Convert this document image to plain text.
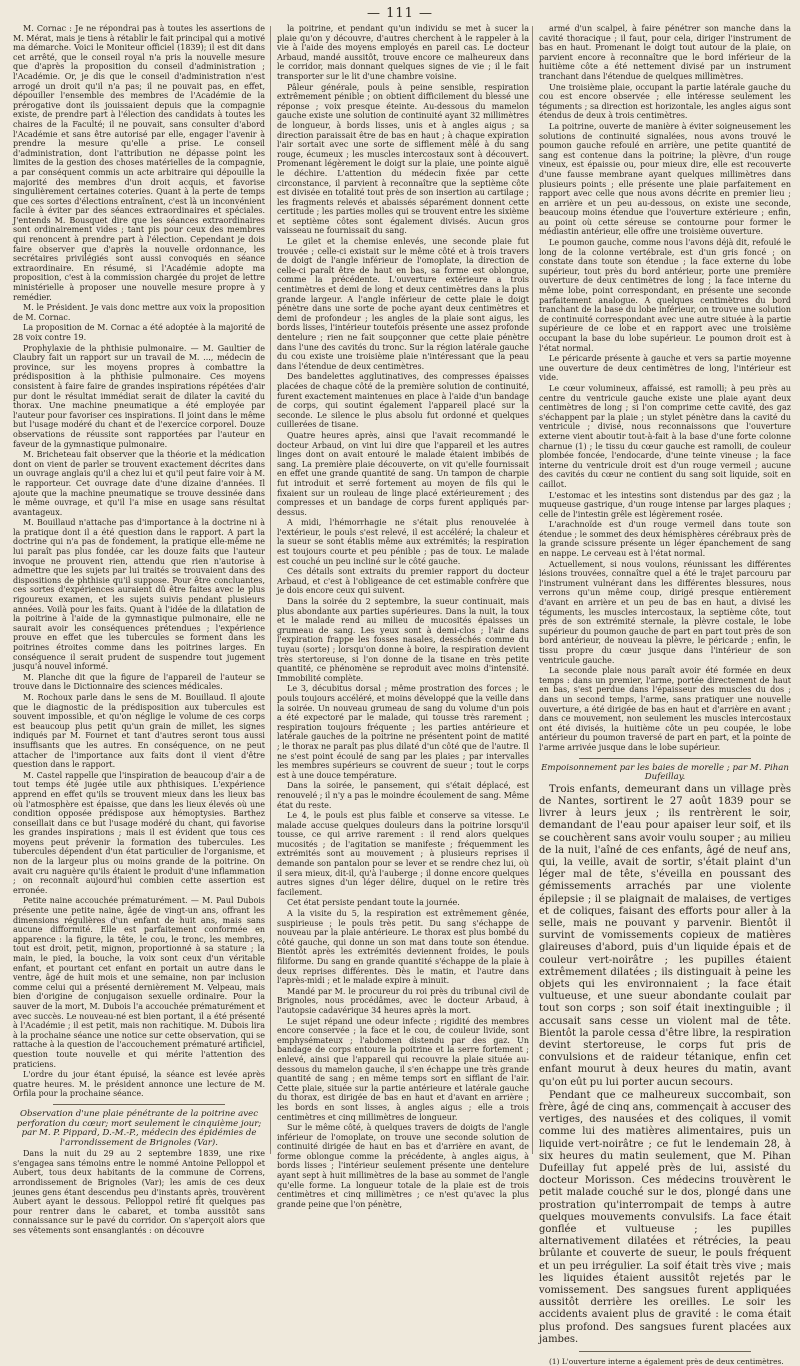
— 111 —

M. Cornac : Je ne répondrai pas à toutes les assertions de M. Mérat, mais je tiens à rétablir le fait principal qui a motivé ma démarche. Voici le Moniteur officiel (1839); il est dit dans cet arrêté, que le conseil royal n'a pris la nouvelle mesure que d'après la proposition du conseil d'administration ; l'Académie. Or, je dis que le conseil d'administration n'est arrogé un droit qu'il n'a pas; il ne pouvait pas, en effet, dépouiller l'ensemble des membres de l'Académie de la prérogative dont ils jouissaient depuis que la compagnie existe, de prendre part à l'élection des candidats à toutes les chaires de la Faculté; il ne pouvait, sans consulter d'abord l'Académie et sans être autorisé par elle, engager l'avenir à prendre la mesure qu'elle a prise. Le conseil d'administration, dont l'attribution ne dépasse point les limites de la gestion des choses matérielles de la compagnie, a par conséquent commis un acte arbitraire qui dépouille la majorité des membres d'un droit acquis, et favorise singulièrement certaines coteries. Quant à la perte de temps que ces sortes d'élections entraînent, c'est là un inconvénient facile à éviter par des séances extraordinaires et spéciales. J'entends M. Bousquet dire que les séances extraordinaires sont ordinairement vides ; tant pis pour ceux des membres qui renoncent à prendre part à l'élection. Cependant je dois faire observer que d'après la nouvelle ordonnance, les secrétaires privilégiés sont aussi convoqués en séance extraordinaire. En résumé, si l'Académie adopte ma proposition, c'est à la commission chargée du projet de lettre ministérielle à proposer une nouvelle mesure propre à y remédier.

M. le Président. Je vais donc mettre aux voix la proposition de M. Cornac.

La proposition de M. Cornac a été adoptée à la majorité de 28 voix contre 19.

Prophylaxie de la phthisie pulmonaire. — M. Gaultier de Claubry fait un rapport sur un travail de M. ..., médecin de province, sur les moyens propres à combattre la prédisposition à la phthisie pulmonaire. Ces moyens consistent à faire faire de grandes inspirations répétées d'air pur dont le résultat immédiat serait de dilater la cavité du thorax. Une machine pneumatique a été employée par l'auteur pour favoriser ces inspirations. Il joint dans le même but l'usage modéré du chant et de l'exercice corporel. Douze observations de réussite sont rapportées par l'auteur en faveur de la gymnastique pulmonaire.

M. Bricheteau fait observer que la théorie et la médication dont on vient de parler se trouvent exactement décrites dans un ouvrage anglais qu'il a chez lui et qu'il peut faire voir à M. le rapporteur. Cet ouvrage date d'une dizaine d'années. Il ajoute que la machine pneumatique se trouve dessinée dans le même ouvrage, et qu'il l'a mise en usage sans résultat avantageux.

M. Bouillaud n'attache pas d'importance à la doctrine ni à la pratique dont il a été question dans le rapport. A part la doctrine qui n'a pas de fondement, la pratique elle-même ne lui paraît pas plus fondée, car les douze faits que l'auteur invoque ne prouvent rien, attendu que rien n'autorise à admettre que les sujets par lui traités se trouvaient dans des dispositions de phthisie qu'il suppose. Pour être concluantes, ces sortes d'expériences auraient dû être faites avec le plus rigoureux examen, et les sujets suivis pendant plusieurs années. Voilà pour les faits. Quant à l'idée de la dilatation de la poitrine à l'aide de la gymnastique pulmonaire, elle ne saurait avoir les conséquences prétendues ; l'expérience prouve en effet que les tubercules se forment dans les poitrines étroites comme dans les poitrines larges. En conséquence il serait prudent de suspendre tout jugement jusqu'à nouvel informé.

M. Planche dit que la figure de l'appareil de l'auteur se trouve dans le Dictionnaire des sciences médicales.

M. Rochoux parle dans le sens de M. Bouillaud. Il ajoute que le diagnostic de la prédisposition aux tubercules est souvent impossible, et qu'on néglige le volume de ces corps est beaucoup plus petit qu'un grain de millet, les signes indiqués par M. Fournet et tant d'autres seront tous aussi insuffisants que les autres. En conséquence, on ne peut attacher de l'importance aux faits dont il vient d'être question dans le rapport.

M. Castel rappelle que l'inspiration de beaucoup d'air a de tout temps été jugée utile aux phthisiques. L'expérience apprend en effet qu'ils se trouvent mieux dans les lieux bas où l'atmosphère est épaisse, que dans les lieux élevés où une condition opposée prédispose aux hémoptysies. Barthez conseillait dans ce but l'usage modéré du chant, qui favorise les grandes inspirations ; mais il est évident que tous ces moyens peut prévenir la formation des tubercules. Les tubercules dépendent d'un état particulier de l'organisme, et non de la largeur plus ou moins grande de la poitrine. On avait cru naguère qu'ils étaient le produit d'une inflammation ; on reconnaît aujourd'hui combien cette assertion est erronée.

Petite naine accouchée prématurément. — M. Paul Dubois présente une petite naine, âgée de vingt-un ans, offrant les dimensions régulières d'un enfant de huit ans, mais sans aucune difformité. Elle est parfaitement conformée en apparence : la figure, la tête, le cou, le tronc, les membres, tout est droit, petit, mignon, proportionné à sa stature ; la main, le pied, la bouche, la voix sont ceux d'un véritable enfant, et pourtant cet enfant en portait un autre dans le ventre, âgé de huit mois et une semaine, non par inclusion comme celui qui a présenté dernièrement M. Velpeau, mais bien d'origine de conjugaison sexuelle ordinaire. Pour la sauver de la mort, M. Dubois l'a accouchée prématurément et avec succès. Le nouveau-né est bien portant, il a été présenté à l'Académie ; il est petit, mais non rachitique. M. Dubois lira à la prochaine séance une notice sur cette observation, qui se rattache à la question de l'accouchement prématuré artificiel, question toute nouvelle et qui mérite l'attention des praticiens.

L'ordre du jour étant épuisé, la séance est levée après quatre heures. M. le président annonce une lecture de M. Orfila pour la prochaine séance.

Observation d'une plaie pénétrante de la poitrine avec perforation du cœur; mort seulement le cinquième jour; par M. P. Pippard, D.-M.-P., médecin des épidémies de l'arrondissement de Brignoles (Var).

Dans la nuit du 29 au 2 septembre 1839, une rixe s'engagea sans témoins entre le nommé Antoine Pelloppol et Aubert, tous deux habitants de la commune de Correns, arrondissement de Brignoles (Var); les amis de ces deux jeunes gens étant descendus peu d'instants après, trouvèrent Aubert ayant le dessous. Pelloppol retiré fit quelques pas pour rentrer dans le cabaret, et tomba aussitôt sans connaissance sur le pavé du corridor. On s'aperçoit alors que ses vêtements sont ensanglantés : on découvre

la poitrine, et pendant qu'un individu se met à sucer la plaie qu'on y découvre, d'autres cherchent à le rappeler à la vie à l'aide des moyens employés en pareil cas. Le docteur Arbaud, mandé aussitôt, trouve encore ce malheureux dans le corridor, mais donnant quelques signes de vie ; il le fait transporter sur le lit d'une chambre voisine.

Pâleur générale, pouls à peine sensible, respiration extrêmement pénible ; on obtient difficilement du blessé une réponse ; voix presque éteinte. Au-dessous du mamelon gauche existe une solution de continuité ayant 32 millimètres de longueur, à bords lisses, unis et à angles aigus ; sa direction paraissait être de bas en haut ; à chaque expiration l'air sortait avec une sorte de sifflement mêlé à du sang rouge, écumeux ; les muscles intercostaux sont à découvert. Promenant légèrement le doigt sur la plaie, une pointe aiguë le déchire. L'attention du médecin fixée par cette circonstance, il parvient à reconnaître que la septième côte est divisée en totalité tout près de son insertion au cartilage ; les fragments relevés et abaissés séparément donnent cette certitude ; les parties molles qui se trouvent entre les sixième et septième côtes sont également divisés. Aucun gros vaisseau ne fournissait du sang.

Le gilet et la chemise enlevés, une seconde plaie fut trouvée ; celle-ci existait sur le même côté et à trois travers de doigt de l'angle inférieur de l'omoplate, la direction de celle-ci paraît être de haut en bas, sa forme est oblongue, comme la précédente. L'ouverture extérieure a trois centimètres et demi de long et deux centimètres dans la plus grande largeur. A l'angle inférieur de cette plaie le doigt pénètre dans une sorte de poche ayant deux centimètres et demi de profondeur ; les angles de la plaie sont aigus, les bords lisses, l'intérieur toutefois présente une assez profonde dentelure ; rien ne fait soupçonner que cette plaie pénètre dans l'une des cavités du tronc. Sur la région latérale gauche du cou existe une troisième plaie n'intéressant que la peau dans l'étendue de deux centimètres.

Des bandelettes agglutinatives, des compresses épaisses placées de chaque côté de la première solution de continuité, furent exactement maintenues en place à l'aide d'un bandage de corps, qui soutint également l'appareil placé sur la seconde. Le silence le plus absolu fut ordonné et quelques cuillerées de tisane.

Quatre heures après, ainsi que l'avait recommandé le docteur Arbaud, on vint lui dire que l'appareil et les autres linges dont on avait entouré le malade étaient imbibés de sang. La première plaie découverte, on vit qu'elle fournissait en effet une grande quantité de sang. Un tampon de charpie fut introduit et serré fortement au moyen de fils qui le fixaient sur un rouleau de linge placé extérieurement ; des compresses et un bandage de corps furent appliqués par-dessus.

A midi, l'hémorrhagie ne s'était plus renouvelée à l'extérieur, le pouls s'est relevé, il est accéléré; la chaleur et la sueur se sont établis même aux extrémités; la respiration est toujours courte et peu pénible ; pas de toux. Le malade est couché un peu incliné sur le côté gauche.

Ces détails sont extraits du premier rapport du docteur Arbaud, et c'est à l'obligeance de cet estimable confrère que je dois encore ceux qui suivent.

Dans la soirée du 2 septembre, la sueur continuait, mais plus abondante aux parties supérieures. Dans la nuit, la toux et le malade rend au milieu de mucosités épaisses un grumeau de sang. Les yeux sont à demi-clos ; l'air dans l'expiration frappe les fosses nasales, desséchés comme du tuyau (sorte) ; lorsqu'on donne à boire, la respiration devient très stertoreuse, si l'on donne de la tisane en très petite quantité, ce phénomène se reproduit avec moins d'intensité. Immobilité complète.

Le 3, décubitus dorsal ; même prostration des forces ; le pouls toujours accéléré, et moins développé que la veille dans la soirée. Un nouveau grumeau de sang du volume d'un pois a été expectoré par le malade, qui tousse très rarement ; respiration toujours fréquente ; les parties antérieure et latérale gauches de la poitrine ne présentent point de matité ; le thorax ne paraît pas plus dilaté d'un côté que de l'autre. Il ne s'est point écoulé de sang par les plaies ; par intervalles les membres supérieurs se couvrent de sueur ; tout le corps est à une douce température.

Dans la soirée, le pansement, qui s'était déplacé, est renouvelé ; il n'y a pas le moindre écoulement de sang. Même état du reste.

Le 4, le pouls est plus faible et conserve sa vitesse. Le malade accuse quelques douleurs dans la poitrine lorsqu'il tousse, ce qui arrive rarement : il rend alors quelques mucosités ; de l'agitation se manifeste ; fréquemment les extrémités sont au mouvement ; à plusieurs reprises il demande son pantalon pour se lever et se rendre chez lui, où il sera mieux, dit-il, qu'à l'auberge ; il donne encore quelques autres signes d'un léger délire, duquel on le retire très facilement.

Cet état persiste pendant toute la journée.

A la visite du 5, la respiration est extrêmement gênée, suspirieuse ; le pouls très petit. Du sang s'échappe de nouveau par la plaie antérieure. Le thorax est plus bombé du côté gauche, qui donne un son mat dans toute son étendue. Bientôt après les extrémités deviennent froides, le pouls filiforme. Du sang en grande quantité s'échappe de la plaie à deux reprises différentes. Dès le matin, et l'autre dans l'après-midi ; et le malade expire à minuit.

Mandé par M. le procureur du roi près du tribunal civil de Brignoles, nous procédâmes, avec le docteur Arbaud, à l'autopsie cadavérique 34 heures après la mort.

Le sujet répand une odeur infecte ; rigidité des membres encore conservée ; la face et le cou, de couleur livide, sont emphysémateux ; l'abdomen distendu par des gaz. Un bandage de corps entoure la poitrine et la serre fortement ; enlevé, ainsi que l'appareil qui recouvre la plaie située au-dessous du mamelon gauche, il s'en échappe une très grande quantité de sang ; en même temps sort en sifflant de l'air. Cette plaie, située sur la partie antérieure et latérale gauche du thorax, est dirigée de bas en haut et d'avant en arrière ; les bords en sont lisses, à angles aigus ; elle a trois centimètres et cinq millimètres de longueur.

Sur le même côté, à quelques travers de doigts de l'angle inférieur de l'omoplate, on trouve une seconde solution de continuité dirigée de haut en bas et d'arrière en avant, de forme oblongue comme la précédente, à angles aigus, à bords lisses ; l'intérieur seulement présente une dentelure ayant sept à huit millimètres de la base au sommet de l'angle qu'elle forme. La longueur totale de la plaie est de trois centimètres et cinq millimètres ; ce n'est qu'avec la plus grande peine que l'on pénètre,

armé d'un scalpel, à faire pénétrer son manche dans la cavité thoracique ; il faut, pour cela, diriger l'instrument de bas en haut. Promenant le doigt tout autour de la plaie, on parvient encore à reconnaître que le bord inférieur de la huitième côte a été nettement divisé par un instrument tranchant dans l'étendue de quelques millimètres.

Une troisième plaie, occupant la partie latérale gauche du cou est encore observée ; elle intéresse seulement les téguments ; sa direction est horizontale, les angles aigus sont étendus de deux à trois centimètres.

La poitrine, ouverte de manière à éviter soigneusement les solutions de continuité signalées, nous avons trouvé le poumon gauche refoulé en arrière, une petite quantité de sang est contenue dans la poitrine; la plèvre, d'un rouge vineux, est épaissie ou, pour mieux dire, elle est recouverte d'une fausse membrane ayant quelques millimètres dans plusieurs points ; elle présente une plaie parfaitement en rapport avec celle que nous avons décrite en premier lieu ; en arrière et un peu au-dessous, on existe une seconde, beaucoup moins étendue que l'ouverture extérieure ; enfin, au point où cette séreuse se contourne pour former le médiastin antérieur, elle offre une troisième ouverture.

Le poumon gauche, comme nous l'avons déjà dit, refoulé le long de la colonne vertébrale, est d'un gris foncé ; on constate dans toute son étendue ; la face externe du lobe supérieur, tout près du bord antérieur, porte une première ouverture de deux centimètres de long ; la face interne du même lobe, point correspondant, en présente une seconde parfaitement analogue. A quelques centimètres du bord tranchant de la base du lobe inférieur, on trouve une solution de continuité correspondant avec une autre située à la partie supérieure de ce lobe et en rapport avec une troisième occupant la base du lobe supérieur. Le poumon droit est à l'état normal.

Le péricarde présente à gauche et vers sa partie moyenne une ouverture de deux centimètres de long, l'intérieur est vide.

Le cœur volumineux, affaissé, est ramolli; à peu près au centre du ventricule gauche existe une plaie ayant deux centimètres de long ; si l'on comprime cette cavité, des gaz s'échappent par la plaie ; un stylet pénètre dans la cavité du ventricule ; divisé, nous reconnaissons que l'ouverture externe vient aboutir tout-à-fait à la base d'une forte colonne charnue (1) ; le tissu du cœur gauche est ramolli, de couleur plombée foncée, l'endocarde, d'une teinte vineuse ; la face interne du ventricule droit est d'un rouge vermeil ; aucune des cavités du cœur ne contient du sang soit liquide, soit en caillot.

L'estomac et les intestins sont distendus par des gaz ; la muqueuse gastrique, d'un rouge intense par larges plaques ; celle de l'intestin grêle est légèrement rosée.

L'arachnoïde est d'un rouge vermeil dans toute son étendue ; le sommet des deux hémisphères cérébraux près de la grande scissure présente un léger épanchement de sang en nappe. Le cerveau est à l'état normal.

Actuellement, si nous voulons, réunissant les différentes lésions trouvées, connaître quel a été le trajet parcouru par l'instrument vulnérant dans les différentes blessures, nous verrons qu'un même coup, dirigé presque entièrement d'avant en arrière et un peu de bas en haut, a divisé les téguments, les muscles intercostaux, la septième côte, tout près de son extrémité sternale, la plèvre costale, le lobe supérieur du poumon gauche de part en part tout près de son bord antérieur, de nouveau la plèvre, le péricarde ; enfin, le tissu propre du cœur jusque dans l'intérieur de son ventricule gauche.

La seconde plaie nous paraît avoir été formée en deux temps : dans un premier, l'arme, portée directement de haut en bas, s'est perdue dans l'épaisseur des muscles du dos ; dans un second temps, l'arme, sans pratiquer une nouvelle ouverture, a été dirigée de bas en haut et d'arrière en avant ; dans ce mouvement, non seulement les muscles intercostaux ont été divisés, la huitième côte un peu coupée, le lobe antérieur du poumon traversé de part en part, et la pointe de l'arme arrivée jusque dans le lobe supérieur.

Empoisonnement par les baies de morelle ; par M. Pihan Dufeillay.

Trois enfants, demeurant dans un village près de Nantes, sortirent le 27 août 1839 pour se livrer à leurs jeux ; ils rentrèrent le soir, demandant de l'eau pour apaiser leur soif, et ils se couchèrent sans avoir voulu souper ; au milieu de la nuit, l'aîné de ces enfants, âgé de neuf ans, qui, la veille, avait de sortir, s'était plaint d'un léger mal de tête, s'éveilla en poussant des gémissements arrachés par une violente épilepsie ; il se plaignait de malaises, de vertiges et de coliques, faisant des efforts pour aller à la selle, mais ne pouvant y parvenir. Bientôt il survint de vomissements copieux de matières glaireuses d'abord, puis d'un liquide épais et de couleur vert-noirâtre ; les pupilles étaient extrêmement dilatées ; ils distinguait à peine les objets qui les environnaient ; la face était vultueuse, et une sueur abondante coulait par tout son corps ; son soif était inextinguible ; il accusait sans cesse un violent mal de tête. Bientôt la parole cessa d'être libre, la respiration devint stertoreuse, le corps fut pris de convulsions et de raideur tétanique, enfin cet enfant mourut à deux heures du matin, avant qu'on eût pu lui porter aucun secours.

Pendant que ce malheureux succombait, son frère, âgé de cinq ans, commençait à accuser des vertiges, des nausées et des coliques, il vomit comme lui des matières alimentaires, puis un liquide vert-noirâtre ; ce fut le lendemain 28, à six heures du matin seulement, que M. Pihan Dufeillay fut appelé près de lui, assisté du docteur Morisson. Ces médecins trouvèrent le petit malade couché sur le dos, plongé dans une prostration qu'interrompait de temps à autre quelques mouvements convulsifs. La face était gonflée et vultueuse ; les pupilles alternativement dilatées et rétrécies, la peau brûlante et couverte de sueur, le pouls fréquent et un peu irrégulier. La soif était très vive ; mais les liquides étaient aussitôt rejetés par le vomissement. Des sangsues furent appliquées aussitôt derrière les oreilles. Le soir les accidents avaient plus de gravité : le coma était plus profond. Des sangsues furent placées aux jambes.

(1) L'ouverture interne a également près de deux centimètres.
